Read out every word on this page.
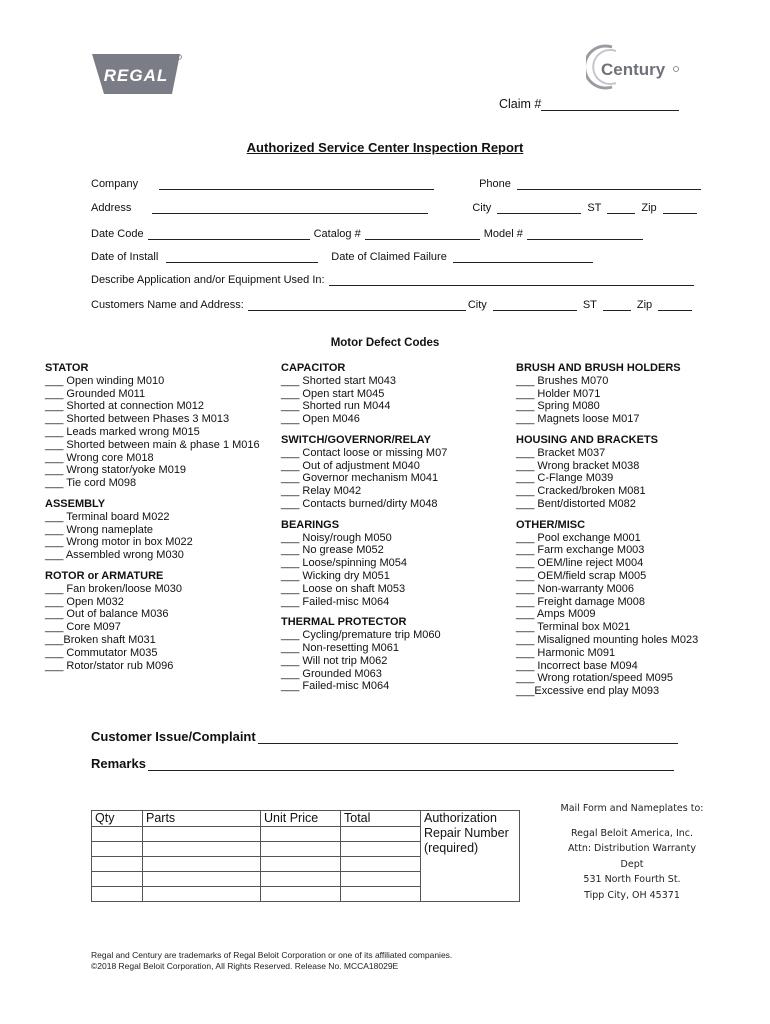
REGAL	Century
Claim #
Authorized Service Center Inspection Report
Company	Phone
Address	City	ST	Zip
Date Code	Catalog #	Model #
Date of Install	Date of Claimed Failure
Describe Application and/or Equipment Used In:
Customers Name and Address:	City	ST	Zip
Motor Defect Codes
STATOR
___ Open winding M010
___ Grounded M011
___ Shorted at connection M012
___ Shorted between Phases 3 M013
___ Leads marked wrong M015
___ Shorted between main & phase 1 M016
___ Wrong core M018
___ Wrong stator/yoke M019
___ Tie cord M098
ASSEMBLY
___ Terminal board M022
___ Wrong nameplate
___ Wrong motor in box M022
___ Assembled wrong M030
ROTOR or ARMATURE
___ Fan broken/loose M030
___ Open M032
___ Out of balance M036
___ Core M097
___ Broken shaft M031
___ Commutator M035
___ Rotor/stator rub M096
CAPACITOR
___ Shorted start M043
___ Open start M045
___ Shorted run M044
___ Open M046
SWITCH/GOVERNOR/RELAY
___ Contact loose or missing M07
___ Out of adjustment M040
___ Governor mechanism M041
___ Relay M042
___ Contacts burned/dirty M048
BEARINGS
___ Noisy/rough M050
___ No grease M052
___ Loose/spinning M054
___ Wicking dry M051
___ Loose on shaft M053
___ Failed-misc M064
THERMAL PROTECTOR
___ Cycling/premature trip M060
___ Non-resetting M061
___ Will not trip M062
___ Grounded M063
___ Failed-misc M064
BRUSH AND BRUSH HOLDERS
___ Brushes M070
___ Holder M071
___ Spring M080
___ Magnets loose M017
HOUSING AND BRACKETS
___ Bracket M037
___ Wrong bracket M038
___ C-Flange M039
___ Cracked/broken M081
___ Bent/distorted M082
OTHER/MISC
___ Pool exchange M001
___ Farm exchange M003
___ OEM/line reject M004
___ OEM/field scrap M005
___ Non-warranty M006
___ Freight damage M008
___ Amps M009
___ Terminal box M021
___ Misaligned mounting holes M023
___ Harmonic M091
___ Incorrect base M094
___ Wrong rotation/speed M095
___ Excessive end play M093
Customer Issue/Complaint
Remarks
Qty	Parts	Unit Price	Total	Authorization
Repair Number
(required)

Mail Form and Nameplates to:
Regal Beloit America, Inc.
Attn: Distribution Warranty
Dept
531 North Fourth St.
Tipp City, OH 45371
Regal and Century are trademarks of Regal Beloit Corporation or one of its affiliated companies.
©2018 Regal Beloit Corporation, All Rights Reserved. Release No. MCCA18029E
